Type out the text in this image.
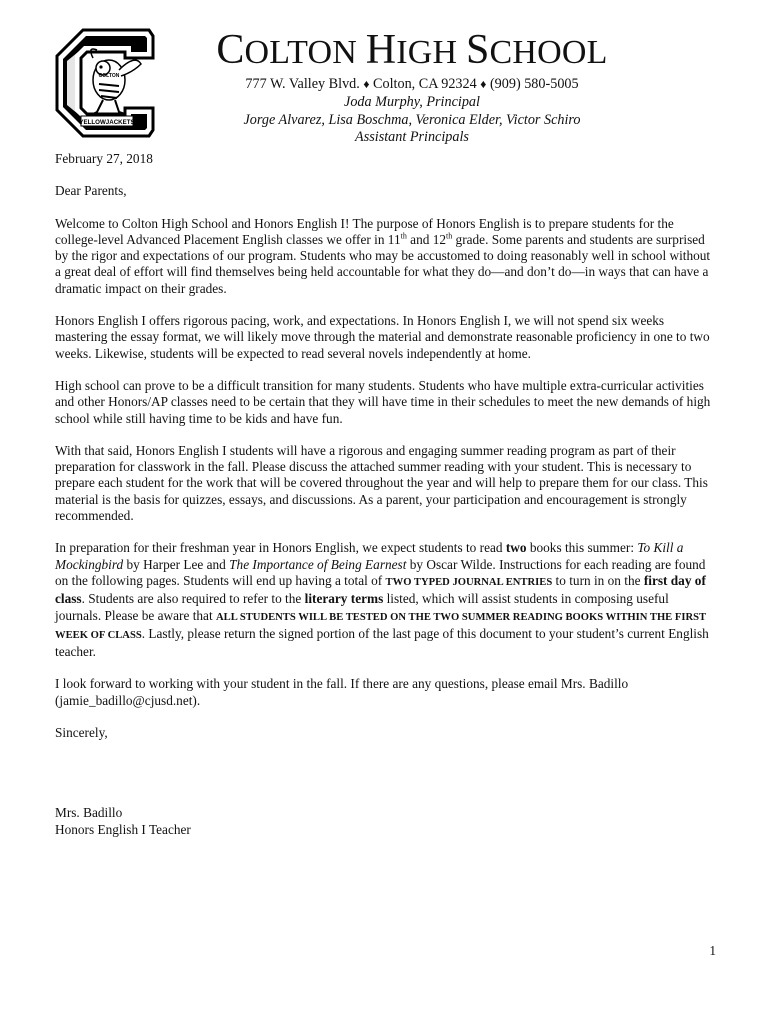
YELLOWJACKETS
COLTON
COLTON HIGH SCHOOL
777 W. Valley Blvd. ♦ Colton, CA 92324 ♦ (909) 580-5005
Joda Murphy, Principal
Jorge Alvarez, Lisa Boschma, Veronica Elder, Victor Schiro
Assistant Principals

February 27, 2018

Dear Parents,

Welcome to Colton High School and Honors English I! The purpose of Honors English is to prepare students for the college-level Advanced Placement English classes we offer in 11th and 12th grade. Some parents and students are surprised by the rigor and expectations of our program. Students who may be accustomed to doing reasonably well in school without a great deal of effort will find themselves being held accountable for what they do—and don’t do—in ways that can have a dramatic impact on their grades.

Honors English I offers rigorous pacing, work, and expectations. In Honors English I, we will not spend six weeks mastering the essay format, we will likely move through the material and demonstrate reasonable proficiency in one to two weeks. Likewise, students will be expected to read several novels independently at home.

High school can prove to be a difficult transition for many students. Students who have multiple extra-curricular activities and other Honors/AP classes need to be certain that they will have time in their schedules to meet the new demands of high school while still having time to be kids and have fun.

With that said, Honors English I students will have a rigorous and engaging summer reading program as part of their preparation for classwork in the fall. Please discuss the attached summer reading with your student. This is necessary to prepare each student for the work that will be covered throughout the year and will help to prepare them for our class. This material is the basis for quizzes, essays, and discussions. As a parent, your participation and encouragement is strongly recommended.

In preparation for their freshman year in Honors English, we expect students to read two books this summer: To Kill a Mockingbird by Harper Lee and The Importance of Being Earnest by Oscar Wilde. Instructions for each reading are found on the following pages. Students will end up having a total of TWO TYPED JOURNAL ENTRIES to turn in on the first day of class. Students are also required to refer to the literary terms listed, which will assist students in composing useful journals. Please be aware that ALL STUDENTS WILL BE TESTED ON THE TWO SUMMER READING BOOKS WITHIN THE FIRST WEEK OF CLASS. Lastly, please return the signed portion of the last page of this document to your student’s current English teacher.

I look forward to working with your student in the fall. If there are any questions, please email Mrs. Badillo (jamie_badillo@cjusd.net).

Sincerely,

Mrs. Badillo
Honors English I Teacher
1
